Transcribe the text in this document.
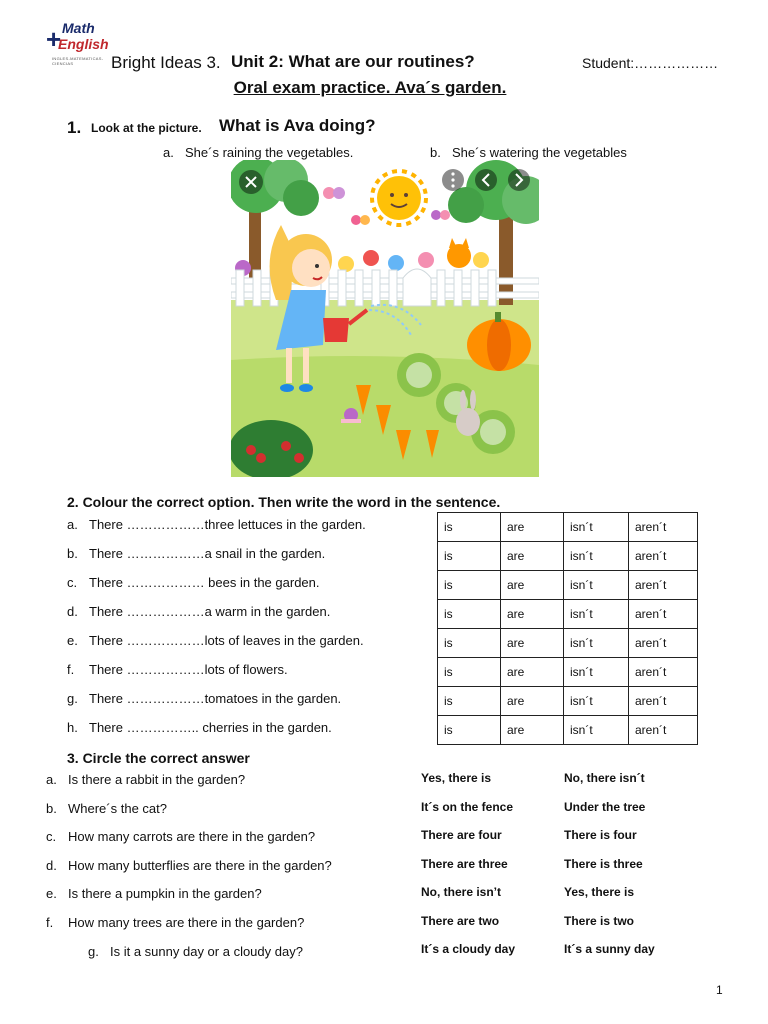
+ Math
English
INGLES-MATEMATICAS-CIENCIAS	Bright Ideas 3. Unit 2: What are our routines?	Student:………………
Oral exam practice. Ava´s garden.
1. Look at the picture. What is Ava doing?
a. She´s raining the vegetables.	b. She´s watering the vegetables
2. Colour the correct option. Then write the word in the sentence.
a. There ………………three lettuces in the garden.
b. There ………………a snail in the garden.
c. There ……………… bees in the garden.
d. There ………………a warm in the garden.
e. There ………………lots of leaves in the garden.
f. There ………………lots of flowers.
g. There ………………tomatoes in the garden.
h. There …………….. cherries in the garden.
is	are	isn´t	aren´t
is	are	isn´t	aren´t
is	are	isn´t	aren´t
is	are	isn´t	aren´t
is	are	isn´t	aren´t
is	are	isn´t	aren´t
is	are	isn´t	aren´t
is	are	isn´t	aren´t
3. Circle the correct answer
a. Is there a rabbit in the garden?	Yes, there is	No, there isn´t
b. Where´s the cat?	It´s on the fence	Under the tree
c. How many carrots are there in the garden?	There are four	There is four
d. How many butterflies are there in the garden?	There are three	There is three
e. Is there a pumpkin in the garden?	No, there isn’t	Yes, there is
f. How many trees are there in the garden?	There are two	There is two
g. Is it a sunny day or a cloudy day?	It´s a cloudy day	It´s a sunny day
1
